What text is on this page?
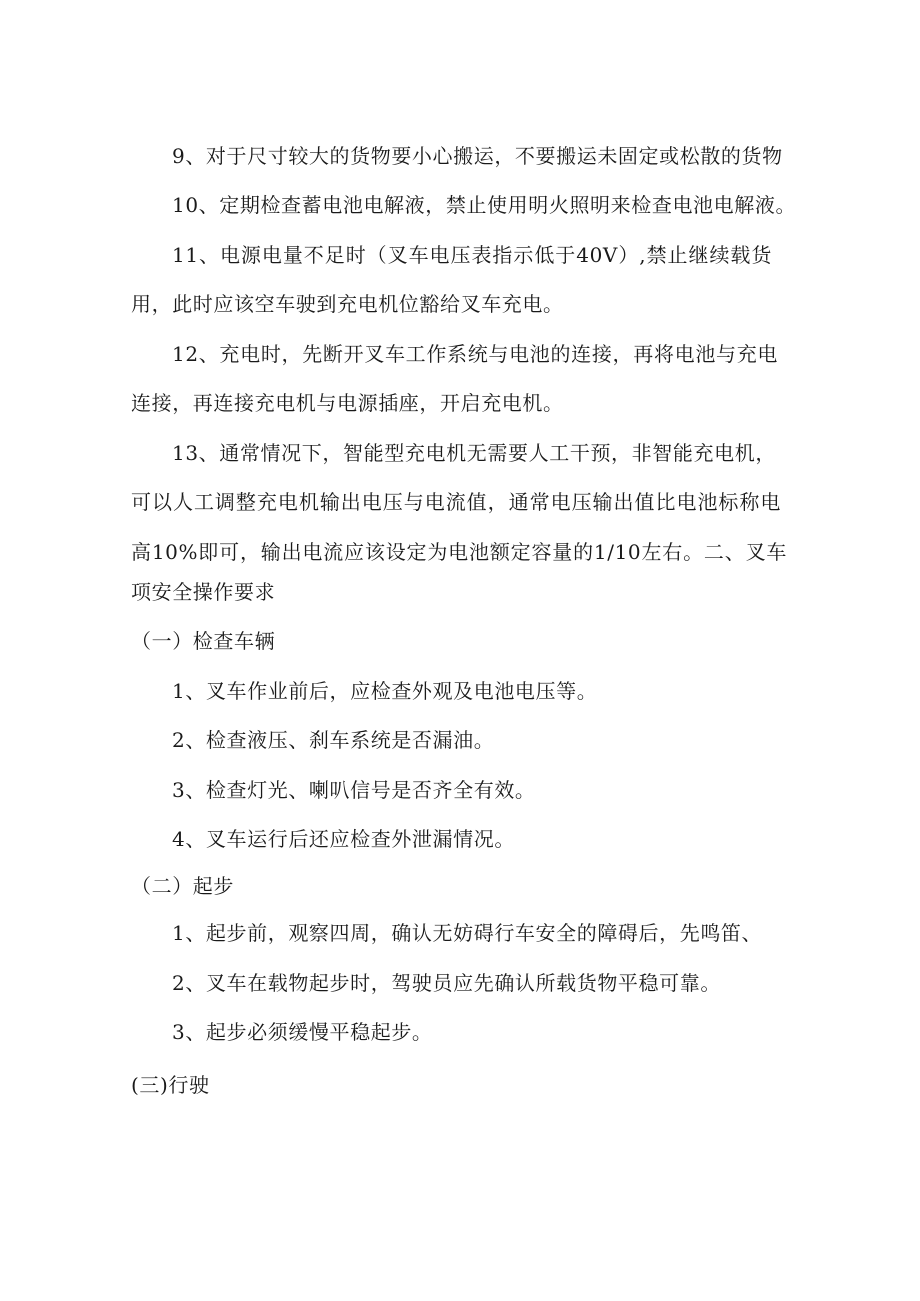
9、对于尺寸较大的货物要小心搬运，不要搬运未固定或松散的货物
10、定期检查蓄电池电解液，禁止使用明火照明来检查电池电解液。
11、电源电量不足时（叉车电压表指示低于40V）,禁止继续载货
用，此时应该空车驶到充电机位豁给叉车充电。
12、充电时，先断开叉车工作系统与电池的连接，再将电池与充电
连接，再连接充电机与电源插座，开启充电机。
13、通常情况下，智能型充电机无需要人工干预，非智能充电机，
可以人工调整充电机输出电压与电流值，通常电压输出值比电池标称电
高10%即可，输出电流应该设定为电池额定容量的1/10左右。二、叉车
项安全操作要求
（一）检查车辆
1、叉车作业前后，应检查外观及电池电压等。
2、检查液压、刹车系统是否漏油。
3、检查灯光、喇叭信号是否齐全有效。
4、叉车运行后还应检查外泄漏情况。
（二）起步
1、起步前，观察四周，确认无妨碍行车安全的障碍后，先鸣笛、
2、叉车在载物起步时，驾驶员应先确认所载货物平稳可靠。
3、起步必须缓慢平稳起步。
(三)行驶
